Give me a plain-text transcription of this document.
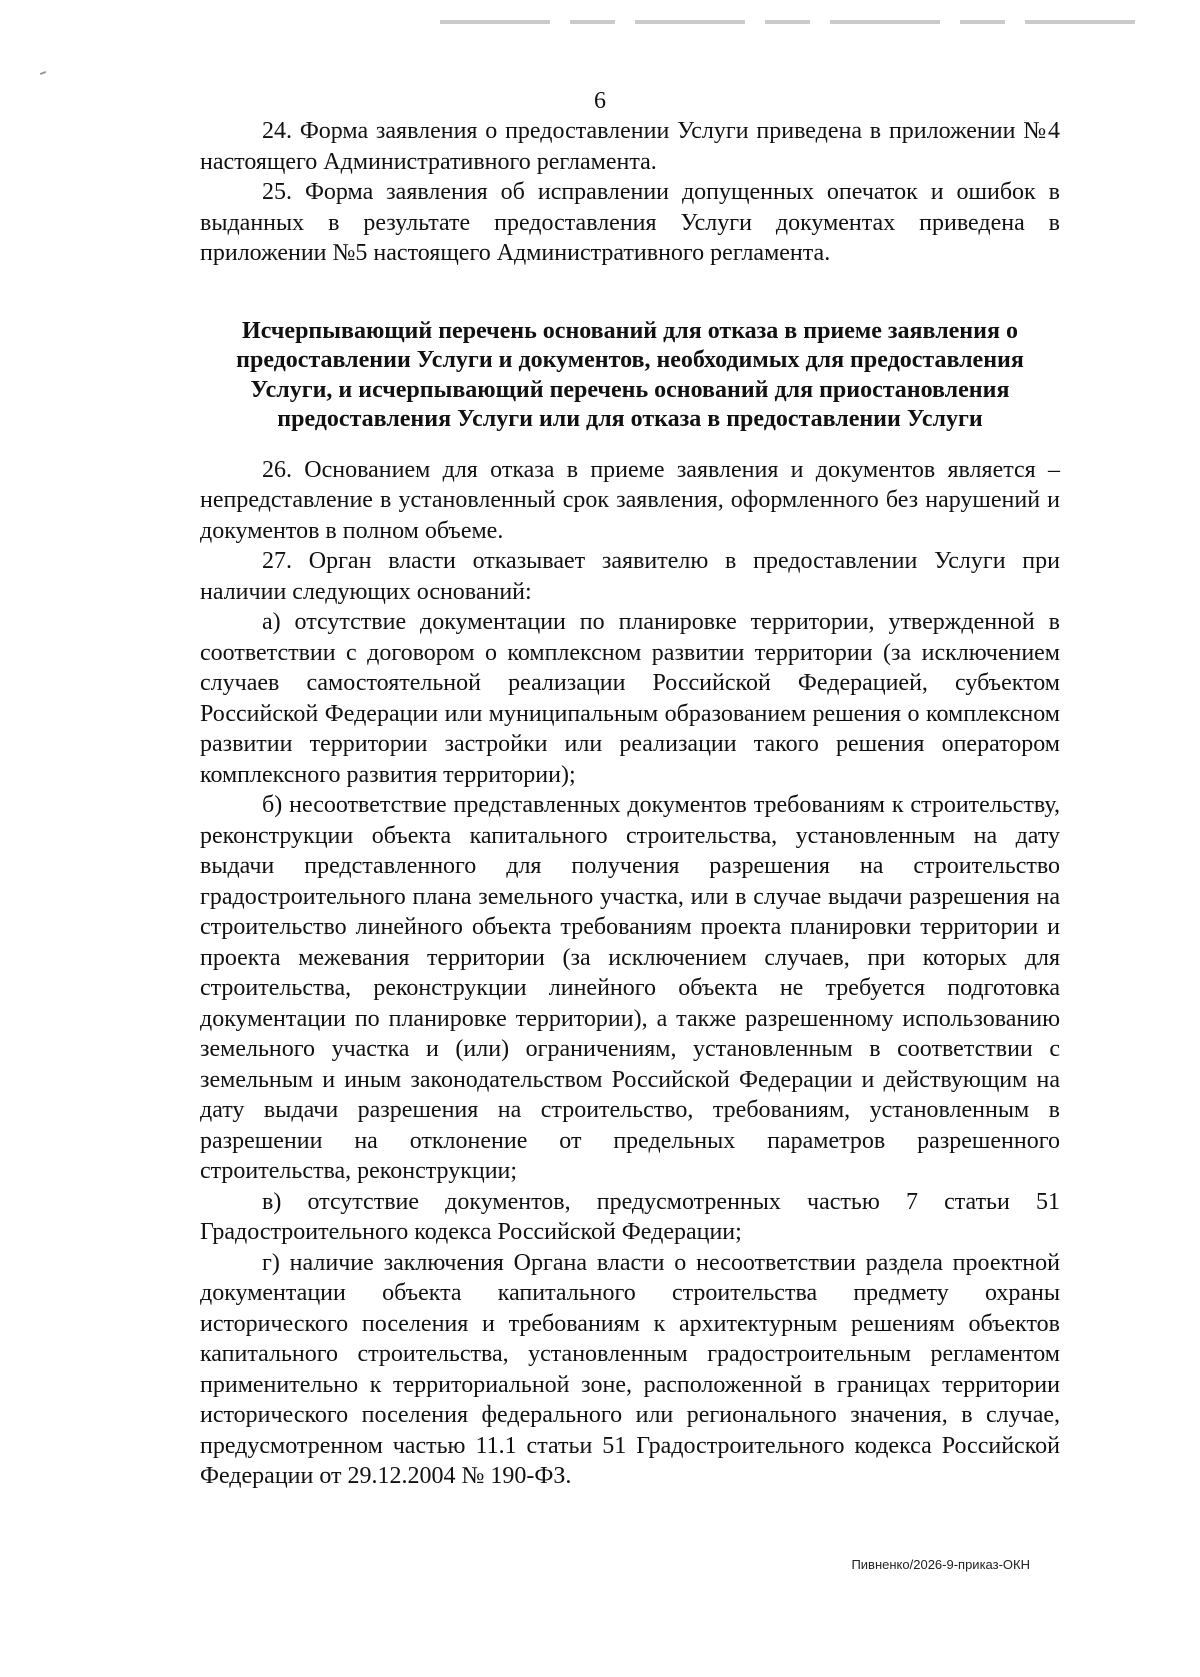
6

24. Форма заявления о предоставлении Услуги приведена в приложении №4 настоящего Административного регламента.

25. Форма заявления об исправлении допущенных опечаток и ошибок в выданных в результате предоставления Услуги документах приведена в приложении №5 настоящего Административного регламента.

Исчерпывающий перечень оснований для отказа в приеме заявления о предоставлении Услуги и документов, необходимых для предоставления Услуги, и исчерпывающий перечень оснований для приостановления предоставления Услуги или для отказа в предоставлении Услуги

26. Основанием для отказа в приеме заявления и документов является – непредставление в установленный срок заявления, оформленного без нарушений и документов в полном объеме.

27. Орган власти отказывает заявителю в предоставлении Услуги при наличии следующих оснований:

а) отсутствие документации по планировке территории, утвержденной в соответствии с договором о комплексном развитии территории (за исключением случаев самостоятельной реализации Российской Федерацией, субъектом Российской Федерации или муниципальным образованием решения о комплексном развитии территории застройки или реализации такого решения оператором комплексного развития территории);

б) несоответствие представленных документов требованиям к строительству, реконструкции объекта капитального строительства, установленным на дату выдачи представленного для получения разрешения на строительство градостроительного плана земельного участка, или в случае выдачи разрешения на строительство линейного объекта требованиям проекта планировки территории и проекта межевания территории (за исключением случаев, при которых для строительства, реконструкции линейного объекта не требуется подготовка документации по планировке территории), а также разрешенному использованию земельного участка и (или) ограничениям, установленным в соответствии с земельным и иным законодательством Российской Федерации и действующим на дату выдачи разрешения на строительство, требованиям, установленным в разрешении на отклонение от предельных параметров разрешенного строительства, реконструкции;

в) отсутствие документов, предусмотренных частью 7 статьи 51 Градостроительного кодекса Российской Федерации;

г) наличие заключения Органа власти о несоответствии раздела проектной документации объекта капитального строительства предмету охраны исторического поселения и требованиям к архитектурным решениям объектов капитального строительства, установленным градостроительным регламентом применительно к территориальной зоне, расположенной в границах территории исторического поселения федерального или регионального значения, в случае, предусмотренном частью 11.1 статьи 51 Градостроительного кодекса Российской Федерации от 29.12.2004 № 190-ФЗ.

Пивненко/2026-9-приказ-ОКН
